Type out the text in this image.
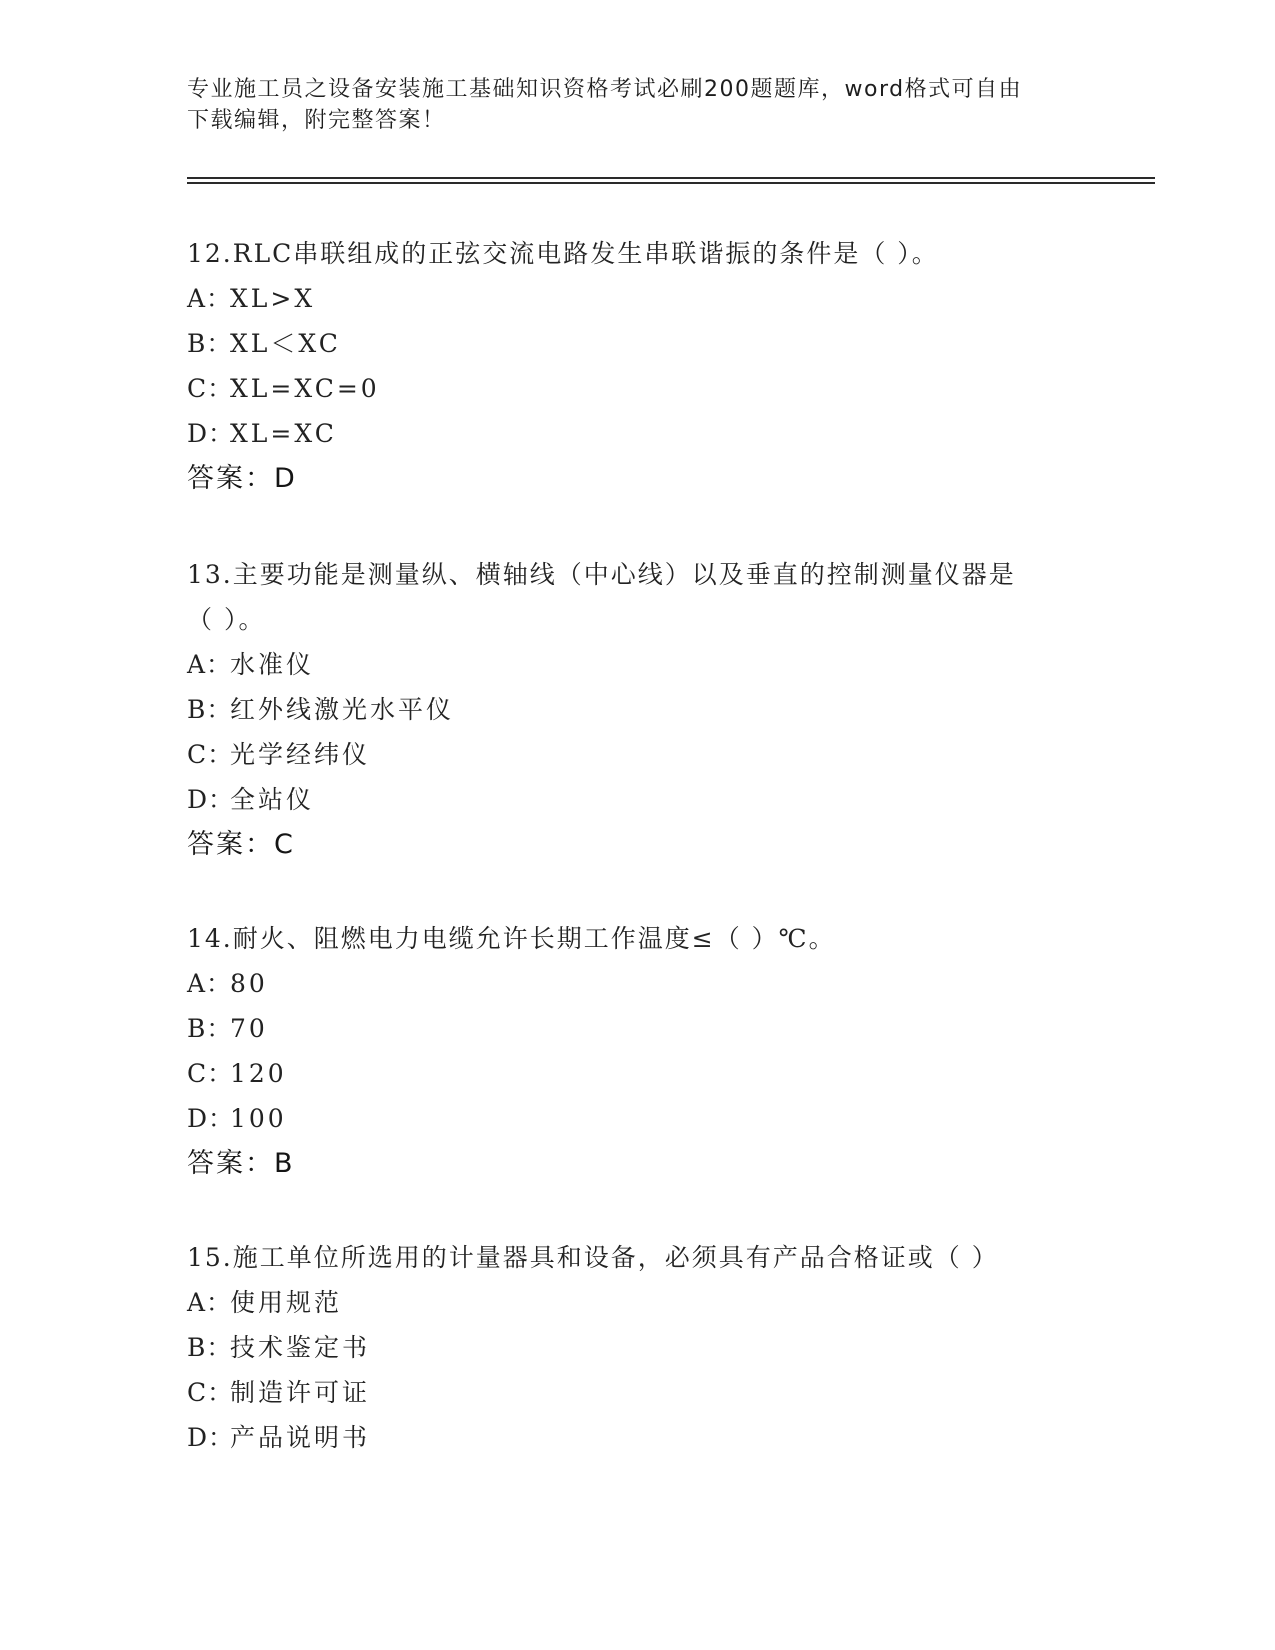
专业施工员之设备安装施工基础知识资格考试必刷200题题库，word格式可自由
下载编辑，附完整答案！

12.RLC串联组成的正弦交流电路发生串联谐振的条件是（ ）。

A：
XL>X

B：
XL＜XC

C：
XL=XC=0

D：
XL=XC

答案：D

13.主要功能是测量纵、横轴线（中心线）以及垂直的控制测量仪器是

（ ）。

A：
水准仪

B：
红外线激光水平仪

C：
光学经纬仪

D：
全站仪

答案：C

14.耐火、阻燃电力电缆允许长期工作温度≤（ ）℃。

A：
80

B：
70

C：
120

D：
100

答案：B

15.施工单位所选用的计量器具和设备，必须具有产品合格证或（ ）

A：
使用规范

B：
技术鉴定书

C：
制造许可证

D：
产品说明书
